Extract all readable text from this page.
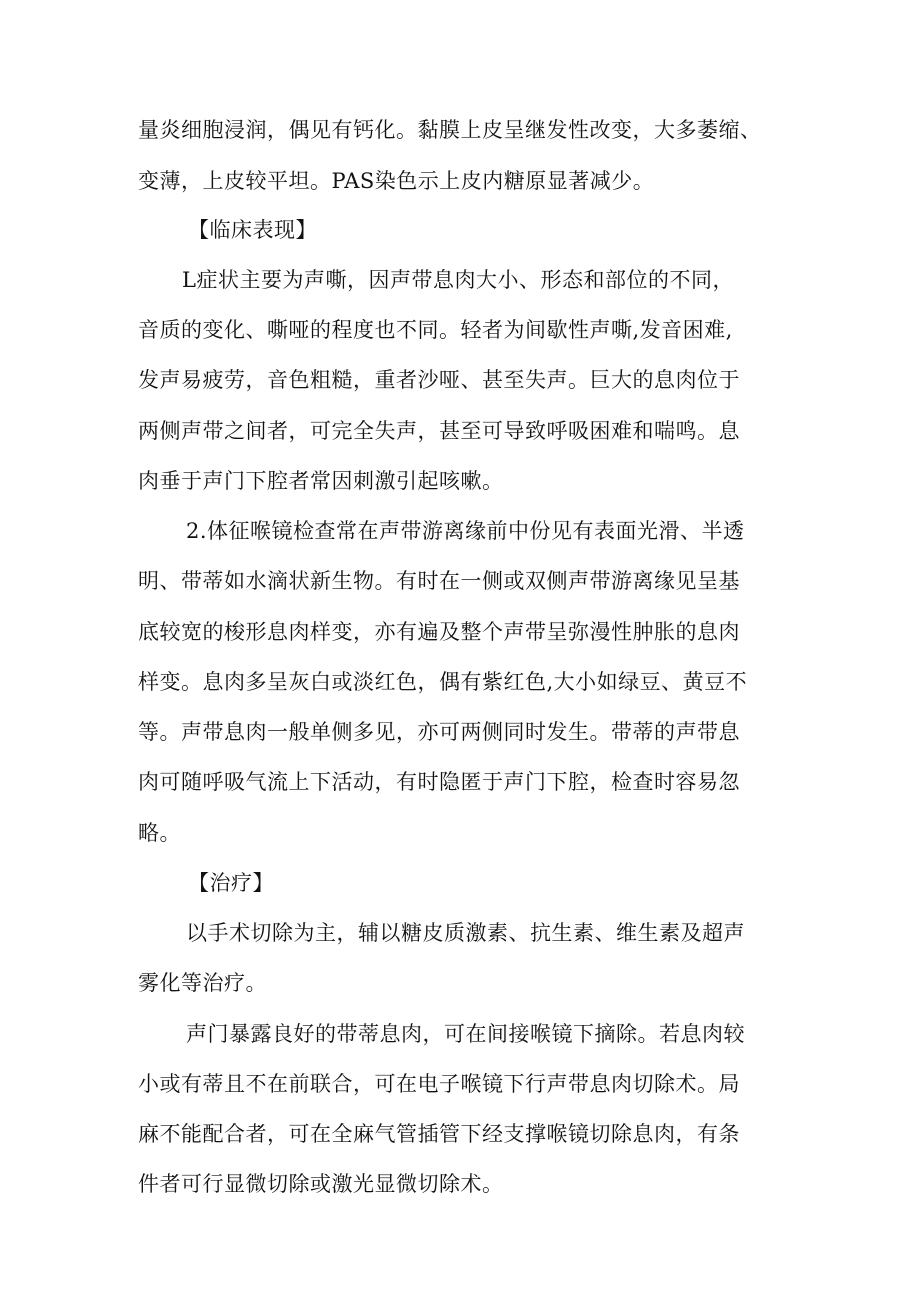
量炎细胞浸润，偶见有钙化。黏膜上皮呈继发性改变，大多萎缩、
变薄，上皮较平坦。PAS染色示上皮内糖原显著减少。
【临床表现】
L症状主要为声嘶，因声带息肉大小、形态和部位的不同，
音质的变化、嘶哑的程度也不同。轻者为间歇性声嘶,发音困难,
发声易疲劳，音色粗糙，重者沙哑、甚至失声。巨大的息肉位于
两侧声带之间者，可完全失声，甚至可导致呼吸困难和喘鸣。息
肉垂于声门下腔者常因刺激引起咳嗽。
2.体征喉镜检查常在声带游离缘前中份见有表面光滑、半透
明、带蒂如水滴状新生物。有时在一侧或双侧声带游离缘见呈基
底较宽的梭形息肉样变，亦有遍及整个声带呈弥漫性肿胀的息肉
样变。息肉多呈灰白或淡红色，偶有紫红色,大小如绿豆、黄豆不
等。声带息肉一般单侧多见，亦可两侧同时发生。带蒂的声带息
肉可随呼吸气流上下活动，有时隐匿于声门下腔，检查时容易忽
略。
【治疗】
以手术切除为主，辅以糖皮质激素、抗生素、维生素及超声
雾化等治疗。
声门暴露良好的带蒂息肉，可在间接喉镜下摘除。若息肉较
小或有蒂且不在前联合，可在电子喉镜下行声带息肉切除术。局
麻不能配合者，可在全麻气管插管下经支撑喉镜切除息肉，有条
件者可行显微切除或激光显微切除术。
